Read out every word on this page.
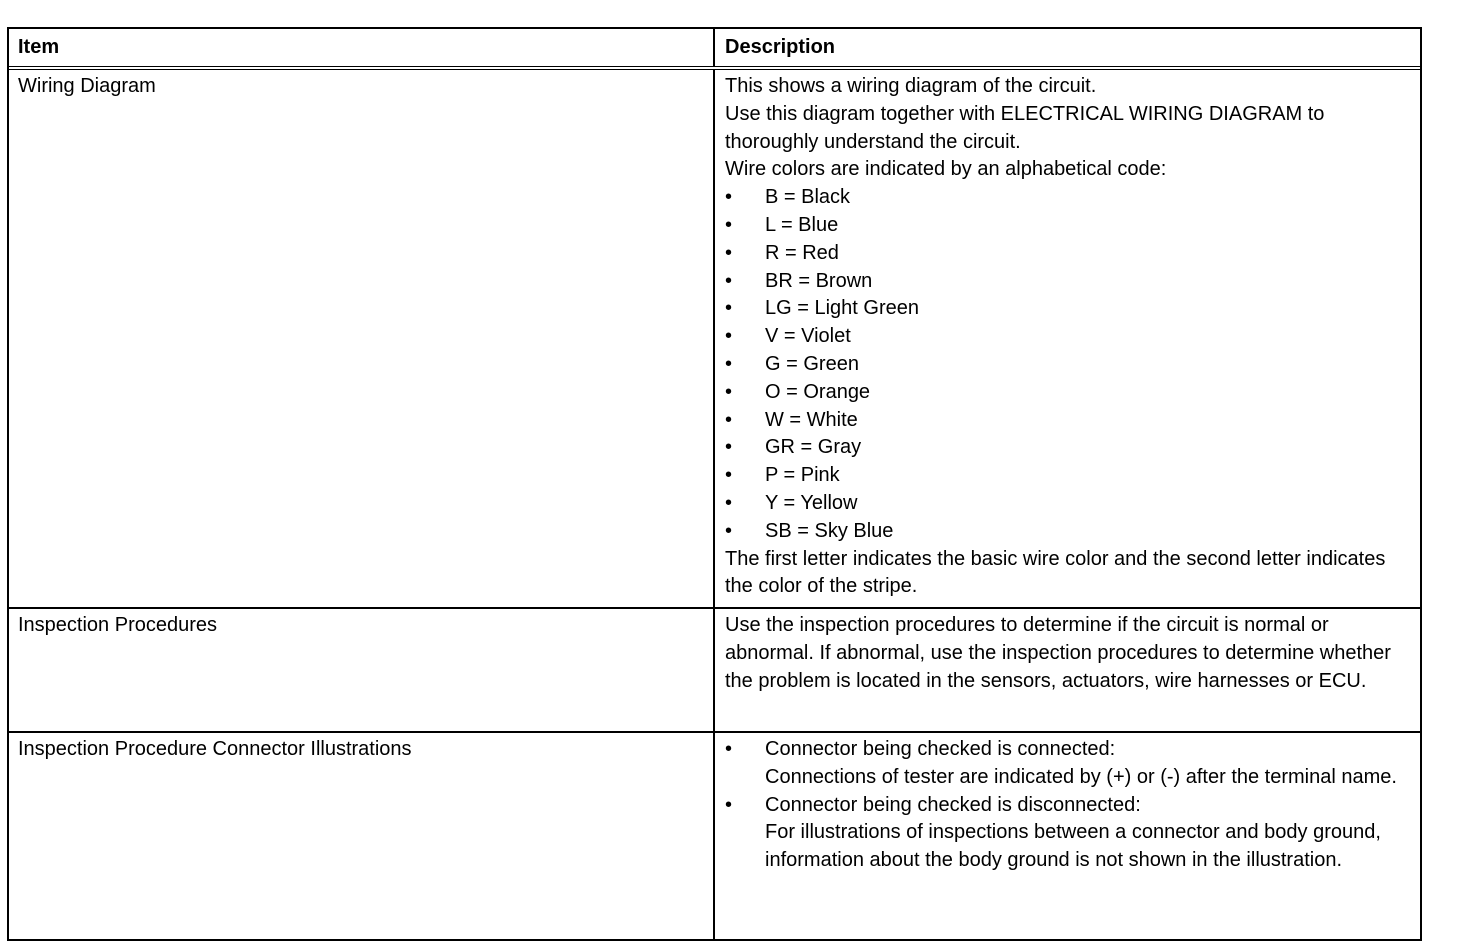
Item	Description
Wiring Diagram	This shows a wiring diagram of the circuit.
Use this diagram together with ELECTRICAL WIRING DIAGRAM to thoroughly understand the circuit.
Wire colors are indicated by an alphabetical code:
•	B = Black
•	L = Blue
•	R = Red
•	BR = Brown
•	LG = Light Green
•	V = Violet
•	G = Green
•	O = Orange
•	W = White
•	GR = Gray
•	P = Pink
•	Y = Yellow
•	SB = Sky Blue
The first letter indicates the basic wire color and the second letter indicates the color of the stripe.
Inspection Procedures	Use the inspection procedures to determine if the circuit is normal or abnormal. If abnormal, use the inspection procedures to determine whether the problem is located in the sensors, actuators, wire harnesses or ECU.
Inspection Procedure Connector Illustrations	•	Connector being checked is connected:
Connections of tester are indicated by (+) or (-) after the terminal name.
•	Connector being checked is disconnected:
For illustrations of inspections between a connector and body ground, information about the body ground is not shown in the illustration.
